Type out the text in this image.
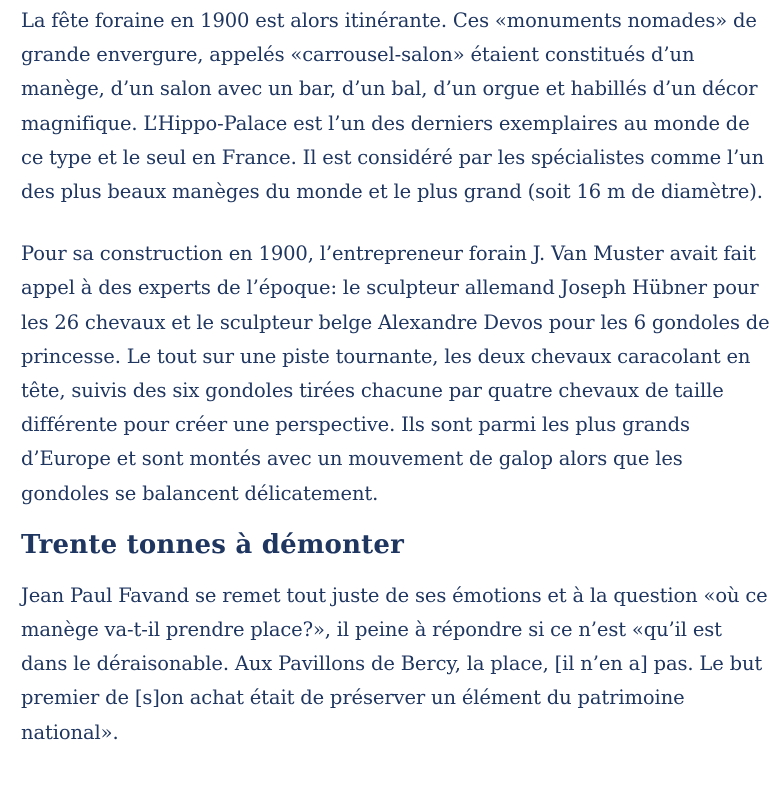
La fête foraine en 1900 est alors itinérante. Ces «monuments nomades» de grande envergure, appelés «carrousel-salon» étaient constitués d’un manège, d’un salon avec un bar, d’un bal, d’un orgue et habillés d’un décor magnifique. L’Hippo-Palace est l’un des derniers exemplaires au monde de ce type et le seul en France. Il est considéré par les spécialistes comme l’un des plus beaux manèges du monde et le plus grand (soit 16 m de diamètre).

Pour sa construction en 1900, l’entrepreneur forain J. Van Muster avait fait appel à des experts de l’époque: le sculpteur allemand Joseph Hübner pour les 26 chevaux et le sculpteur belge Alexandre Devos pour les 6 gondoles de princesse. Le tout sur une piste tournante, les deux chevaux caracolant en tête, suivis des six gondoles tirées chacune par quatre chevaux de taille différente pour créer une perspective. Ils sont parmi les plus grands d’Europe et sont montés avec un mouvement de galop alors que les gondoles se balancent délicatement.

Trente tonnes à démonter

Jean Paul Favand se remet tout juste de ses émotions et à la question «où ce manège va-t-il prendre place?», il peine à répondre si ce n’est «qu’il est dans le déraisonable. Aux Pavillons de Bercy, la place, [il n’en a] pas. Le but premier de [s]on achat était de préserver un élément du patrimoine national».
